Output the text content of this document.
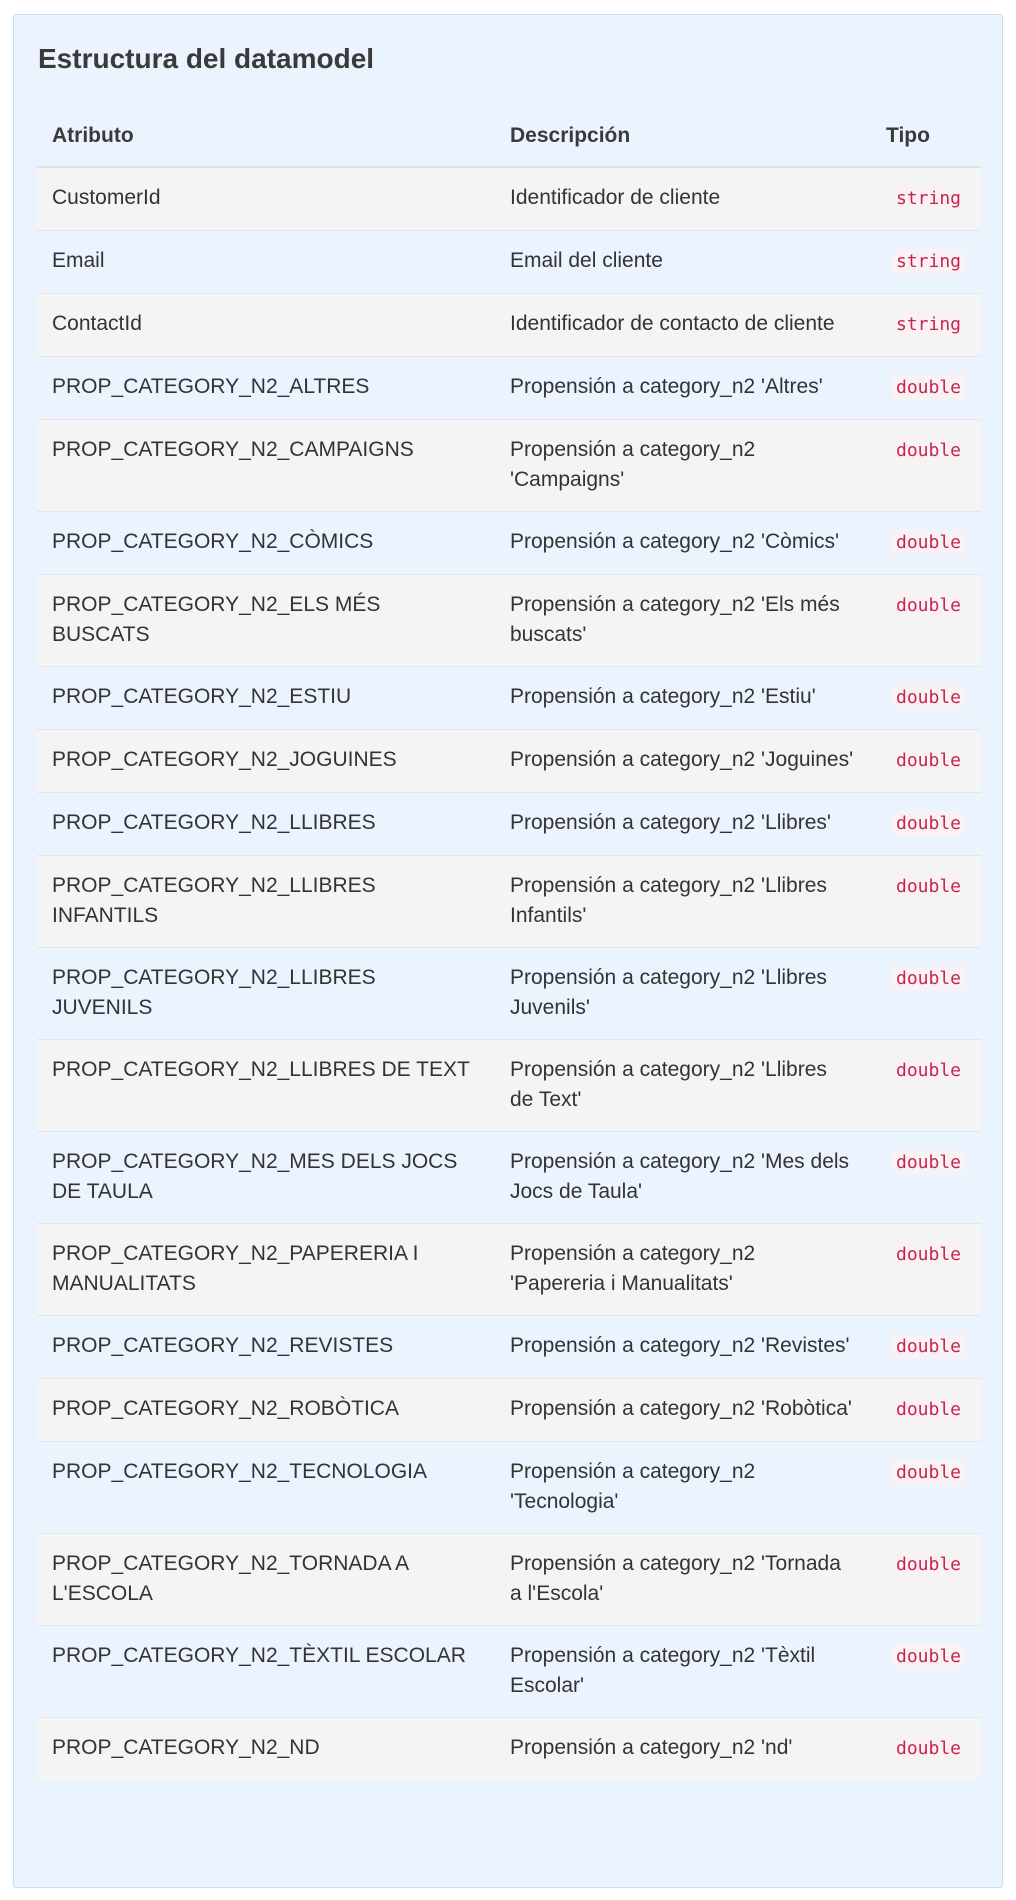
Estructura del datamodel
Atributo	Descripción	Tipo
CustomerId	Identificador de cliente	string
Email	Email del cliente	string
ContactId	Identificador de contacto de cliente	string
PROP_CATEGORY_N2_ALTRES	Propensión a category_n2 'Altres'	double
PROP_CATEGORY_N2_CAMPAIGNS	Propensión a category_n2 'Campaigns'	double
PROP_CATEGORY_N2_CÒMICS	Propensión a category_n2 'Còmics'	double
PROP_CATEGORY_N2_ELS MÉS BUSCATS	Propensión a category_n2 'Els més buscats'	double
PROP_CATEGORY_N2_ESTIU	Propensión a category_n2 'Estiu'	double
PROP_CATEGORY_N2_JOGUINES	Propensión a category_n2 'Joguines'	double
PROP_CATEGORY_N2_LLIBRES	Propensión a category_n2 'Llibres'	double
PROP_CATEGORY_N2_LLIBRES INFANTILS	Propensión a category_n2 'Llibres Infantils'	double
PROP_CATEGORY_N2_LLIBRES JUVENILS	Propensión a category_n2 'Llibres Juvenils'	double
PROP_CATEGORY_N2_LLIBRES DE TEXT	Propensión a category_n2 'Llibres de Text'	double
PROP_CATEGORY_N2_MES DELS JOCS DE TAULA	Propensión a category_n2 'Mes dels Jocs de Taula'	double
PROP_CATEGORY_N2_PAPERERIA I MANUALITATS	Propensión a category_n2 'Papereria i Manualitats'	double
PROP_CATEGORY_N2_REVISTES	Propensión a category_n2 'Revistes'	double
PROP_CATEGORY_N2_ROBÒTICA	Propensión a category_n2 'Robòtica'	double
PROP_CATEGORY_N2_TECNOLOGIA	Propensión a category_n2 'Tecnologia'	double
PROP_CATEGORY_N2_TORNADA A L'ESCOLA	Propensión a category_n2 'Tornada a l'Escola'	double
PROP_CATEGORY_N2_TÈXTIL ESCOLAR	Propensión a category_n2 'Tèxtil Escolar'	double
PROP_CATEGORY_N2_ND	Propensión a category_n2 'nd'	double
